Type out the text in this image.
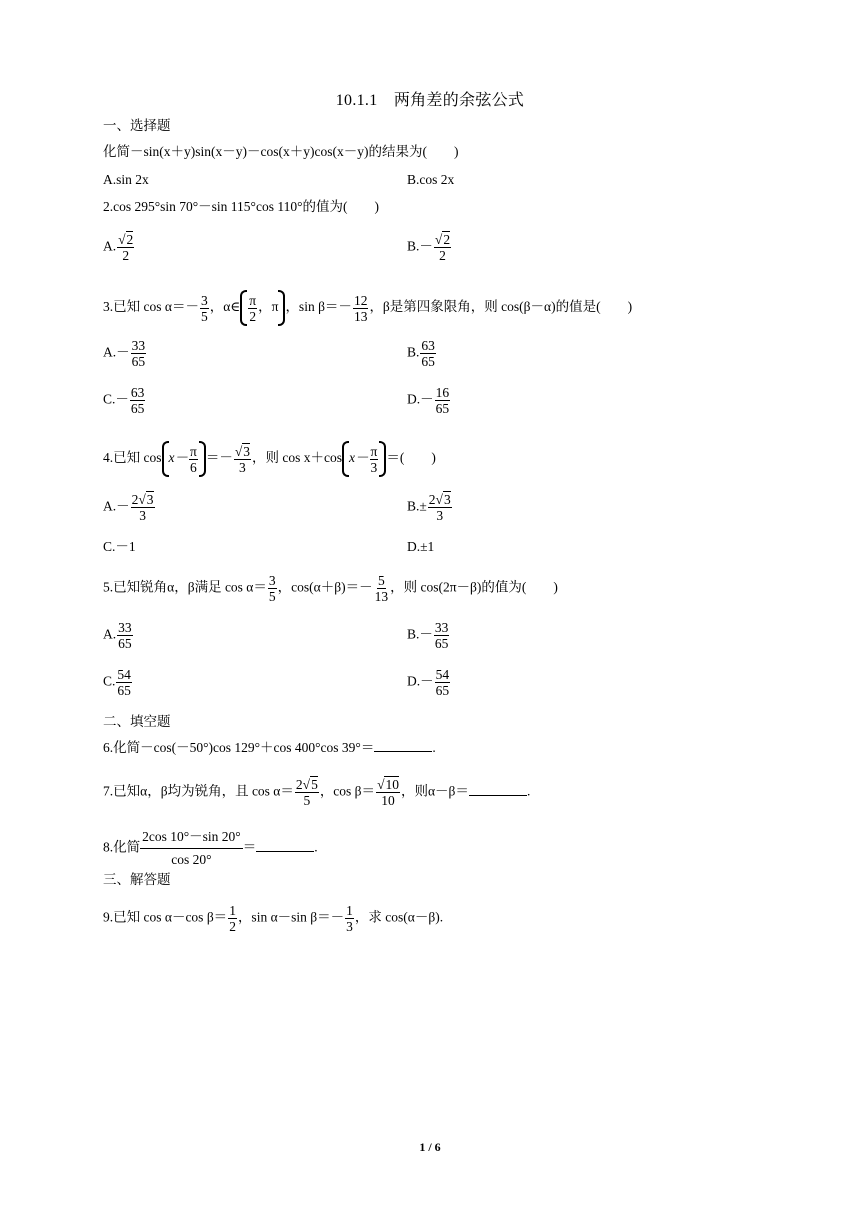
10.1.1　两角差的余弦公式
一、选择题
化简－sin(x＋y)sin(x－y)－cos(x＋y)cos(x－y)的结果为(　　)
A.sin 2x	B.cos 2x
2.cos 295°sin 70°－sin 115°cos 110°的值为(　　)
A. $\frac{√2}{2}$	$B.- \frac{√2}{2}$
3.已知 $\cos \alpha=- \frac{3}{5}$ ，α∈ $\frac{\pi}{2}$ ，π ，$\sin \beta=- \frac{12}{13}$ ，β是第四象限角，则 cos(β－α)的值是(　　)
$A.- \frac{33}{65}$	B. $\frac{63}{65}$
$C.- \frac{63}{65}$	$D.- \frac{16}{65}$
4.已知 $\cos x- \frac{\pi}{6} =- \frac{√3}{3}$ ，则 cos x＋cos $x- \frac{\pi}{3}$ ＝(　　)
$A.- \frac{2√3}{3}$	$B.\pm \frac{2√3}{3}$
C.－1	D.±1
5.已知锐角α，β满足 $\cos \alpha= \frac{3}{5}$ ，$\cos(\alpha+\beta)=- \frac{5}{13}$ ，则 cos(2π－β)的值为(　　)
A. $\frac{33}{65}$	$B.- \frac{33}{65}$
C. $\frac{54}{65}$	$D.- \frac{54}{65}$
二、填空题
6.化简－cos(－50°)cos 129°＋cos 400°cos 39°＝	.
7.已知α，β均为锐角，且 $\cos \alpha= \frac{2√5}{5}$ ，$\cos \beta= \frac{√10}{10}$ ，则α－β＝	.
8.化简 $\frac{2\cos 10^\circ-\sin 20^\circ}{\cos 20^\circ}$ ＝	.
三、解答题
9.已知 cos α－cos $\beta= \frac{1}{2}$ ，sin α－sin $\beta=- \frac{1}{3}$ ，求 cos(α－β).
1 / 6
